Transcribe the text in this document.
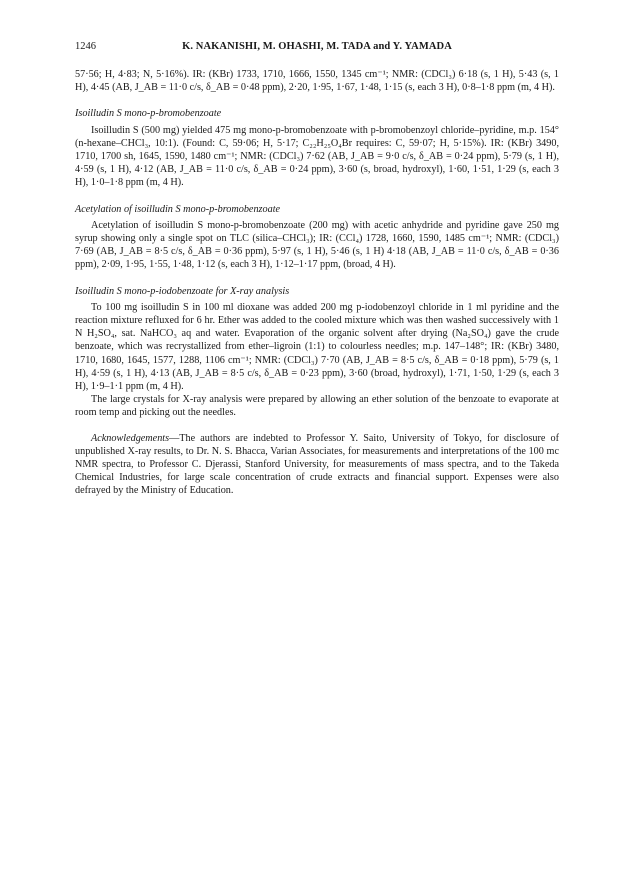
1246	K. NAKANISHI, M. OHASHI, M. TADA and Y. YAMADA

57·56; H, 4·83; N, 5·16%). IR: (KBr) 1733, 1710, 1666, 1550, 1345 cm⁻¹; NMR: (CDCl₃) 6·18 (s, 1 H), 5·43 (s, 1 H), 4·45 (AB, J_AB = 11·0 c/s, δ_AB = 0·48 ppm), 2·20, 1·95, 1·67, 1·48, 1·15 (s, each 3 H), 0·8–1·8 ppm (m, 4 H).

Isoilludin S mono-p-bromobenzoate

Isoilludin S (500 mg) yielded 475 mg mono-p-bromobenzoate with p-bromobenzoyl chloride–pyridine, m.p. 154° (n-hexane–CHCl₃, 10:1). (Found: C, 59·06; H, 5·17; C₂₂H₂₅O₄Br requires: C, 59·07; H, 5·15%). IR: (KBr) 3490, 1710, 1700 sh, 1645, 1590, 1480 cm⁻¹; NMR: (CDCl₃) 7·62 (AB, J_AB = 9·0 c/s, δ_AB = 0·24 ppm), 5·79 (s, 1 H), 4·59 (s, 1 H), 4·12 (AB, J_AB = 11·0 c/s, δ_AB = 0·24 ppm), 3·60 (s, broad, hydroxyl), 1·60, 1·51, 1·29 (s, each 3 H), 1·0–1·8 ppm (m, 4 H).

Acetylation of isoilludin S mono-p-bromobenzoate

Acetylation of isoilludin S mono-p-bromobenzoate (200 mg) with acetic anhydride and pyridine gave 250 mg syrup showing only a single spot on TLC (silica–CHCl₃); IR: (CCl₄) 1728, 1660, 1590, 1485 cm⁻¹; NMR: (CDCl₃) 7·69 (AB, J_AB = 8·5 c/s, δ_AB = 0·36 ppm), 5·97 (s, 1 H), 5·46 (s, 1 H) 4·18 (AB, J_AB = 11·0 c/s, δ_AB = 0·36 ppm), 2·09, 1·95, 1·55, 1·48, 1·12 (s, each 3 H), 1·12–1·17 ppm, (broad, 4 H).

Isoilludin S mono-p-iodobenzoate for X-ray analysis

To 100 mg isoilludin S in 100 ml dioxane was added 200 mg p-iodobenzoyl chloride in 1 ml pyridine and the reaction mixture refluxed for 6 hr. Ether was added to the cooled mixture which was then washed successively with 1 N H₂SO₄, sat. NaHCO₃ aq and water. Evaporation of the organic solvent after drying (Na₂SO₄) gave the crude benzoate, which was recrystallized from ether–ligroin (1:1) to colourless needles; m.p. 147–148°; IR: (KBr) 3480, 1710, 1680, 1645, 1577, 1288, 1106 cm⁻¹; NMR: (CDCl₃) 7·70 (AB, J_AB = 8·5 c/s, δ_AB = 0·18 ppm), 5·79 (s, 1 H), 4·59 (s, 1 H), 4·13 (AB, J_AB = 8·5 c/s, δ_AB = 0·23 ppm), 3·60 (broad, hydroxyl), 1·71, 1·50, 1·29 (s, each 3 H), 1·9–1·1 ppm (m, 4 H).

The large crystals for X-ray analysis were prepared by allowing an ether solution of the benzoate to evaporate at room temp and picking out the needles.

Acknowledgements—The authors are indebted to Professor Y. Saito, University of Tokyo, for disclosure of unpublished X-ray results, to Dr. N. S. Bhacca, Varian Associates, for measurements and interpretations of the 100 mc NMR spectra, to Professor C. Djerassi, Stanford University, for measurements of mass spectra, and to the Takeda Chemical Industries, for large scale concentration of crude extracts and financial support. Expenses were also defrayed by the Ministry of Education.
